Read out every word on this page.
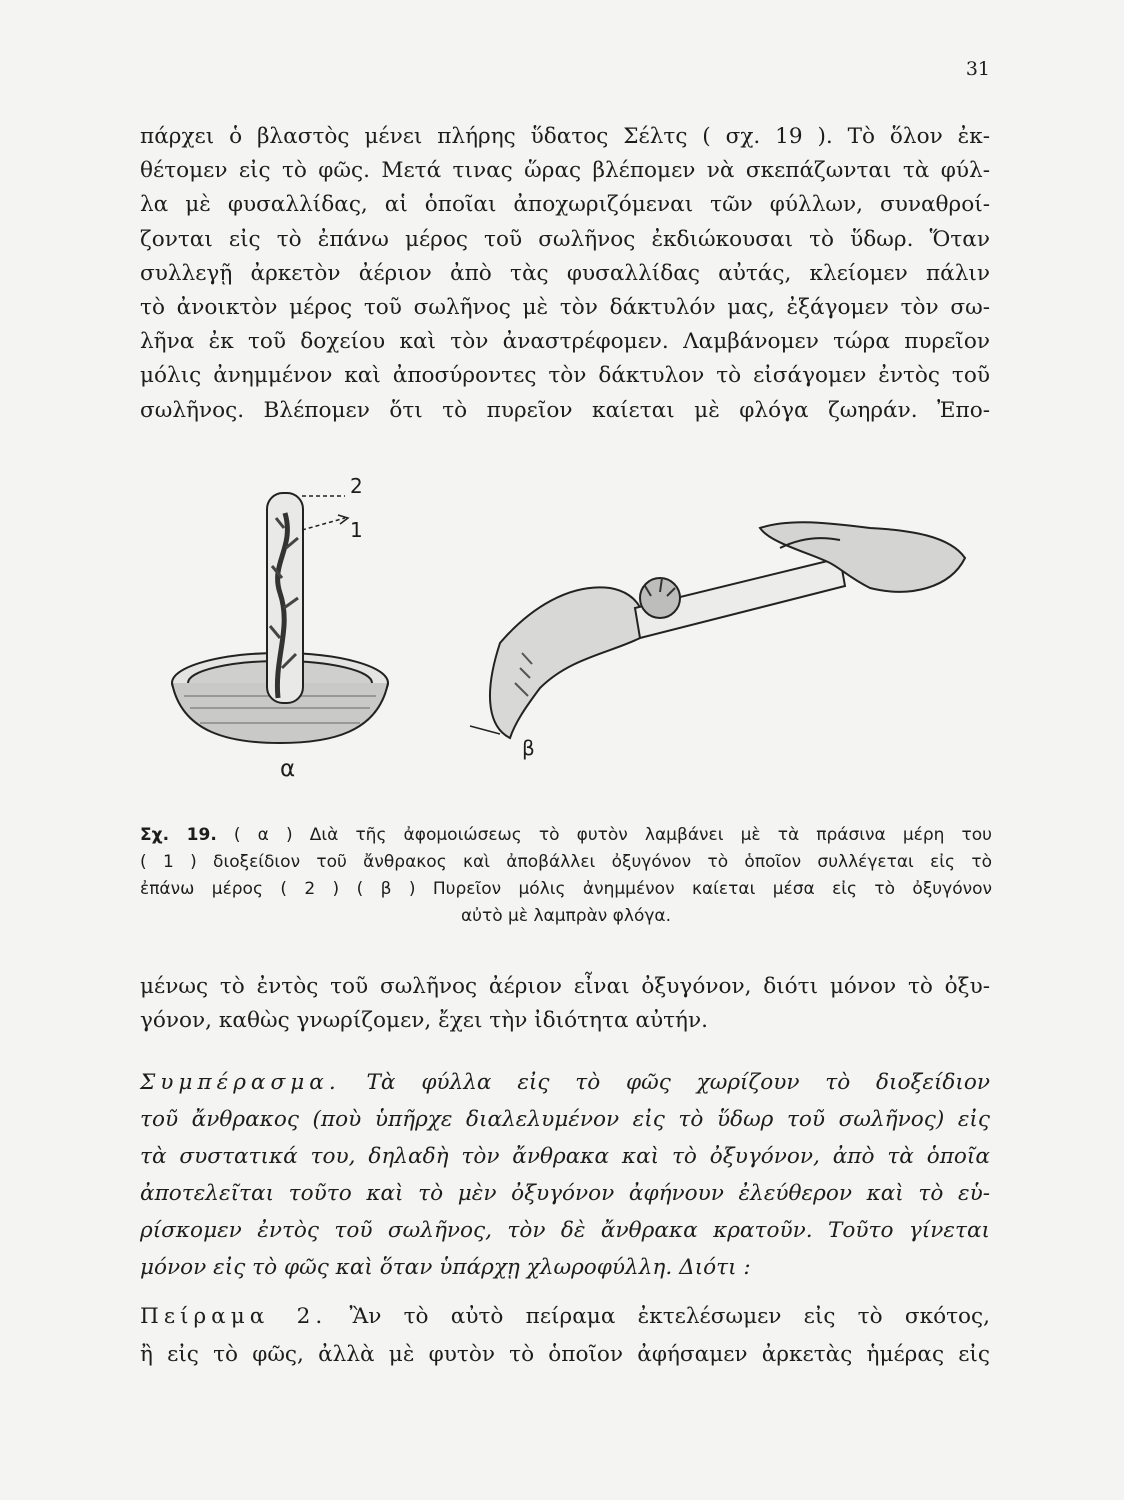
31
πάρχει ὁ βλαστὸς μένει πλήρης ὕδατος Σέλτς ( σχ. 19 ). Τὸ ὅλον ἐκ-
θέτομεν εἰς τὸ φῶς. Μετά τινας ὥρας βλέπομεν νὰ σκεπάζωνται τὰ φύλ-
λα μὲ φυσαλλίδας, αἱ ὁποῖαι ἀποχωριζόμεναι τῶν φύλλων, συναθροί-
ζονται εἰς τὸ ἐπάνω μέρος τοῦ σωλῆνος ἐκδιώκουσαι τὸ ὕδωρ. Ὅταν
συλλεγῇ ἀρκετὸν ἀέριον ἀπὸ τὰς φυσαλλίδας αὐτάς, κλείομεν πάλιν
τὸ ἀνοικτὸν μέρος τοῦ σωλῆνος μὲ τὸν δάκτυλόν μας, ἐξάγομεν τὸν σω-
λῆνα ἐκ τοῦ δοχείου καὶ τὸν ἀναστρέφομεν. Λαμβάνομεν τώρα πυρεῖον
μόλις ἀνημμένον καὶ ἀποσύροντες τὸν δάκτυλον τὸ εἰσάγομεν ἐντὸς τοῦ
σωλῆνος. Βλέπομεν ὅτι τὸ πυρεῖον καίεται μὲ φλόγα ζωηράν. Ἐπο-
2
1
α
β
Σχ. 19. ( α ) Διὰ τῆς ἀφομοιώσεως τὸ φυτὸν λαμβάνει μὲ τὰ πράσινα μέρη του
( 1 ) διοξείδιον τοῦ ἄνθρακος καὶ ἀποβάλλει ὀξυγόνον τὸ ὁποῖον συλλέγεται εἰς τὸ
ἐπάνω μέρος ( 2 ) ( β ) Πυρεῖον μόλις ἀνημμένον καίεται μέσα εἰς τὸ ὀξυγόνον
αὐτὸ μὲ λαμπρὰν φλόγα.
μένως τὸ ἐντὸς τοῦ σωλῆνος ἀέριον εἶναι ὀξυγόνον, διότι μόνον τὸ ὀξυ-
γόνον, καθὼς γνωρίζομεν, ἔχει τὴν ἰδιότητα αὐτήν.
Συμπέρασμα. Τὰ φύλλα εἰς τὸ φῶς χωρίζουν τὸ διοξείδιον
τοῦ ἄνθρακος (ποὺ ὑπῆρχε διαλελυμένον εἰς τὸ ὕδωρ τοῦ σωλῆνος) εἰς
τὰ συστατικά του, δηλαδὴ τὸν ἄνθρακα καὶ τὸ ὀξυγόνον, ἀπὸ τὰ ὁποῖα
ἀποτελεῖται τοῦτο καὶ τὸ μὲν ὀξυγόνον ἀφήνουν ἐλεύθερον καὶ τὸ εὑ-
ρίσκομεν ἐντὸς τοῦ σωλῆνος, τὸν δὲ ἄνθρακα κρατοῦν. Τοῦτο γίνεται
μόνον εἰς τὸ φῶς καὶ ὅταν ὑπάρχῃ χλωροφύλλη. Διότι :
Πείραμα 2. Ἂν τὸ αὐτὸ πείραμα ἐκτελέσωμεν εἰς τὸ σκότος,
ἢ εἰς τὸ φῶς, ἀλλὰ μὲ φυτὸν τὸ ὁποῖον ἀφήσαμεν ἀρκετὰς ἡμέρας εἰς
